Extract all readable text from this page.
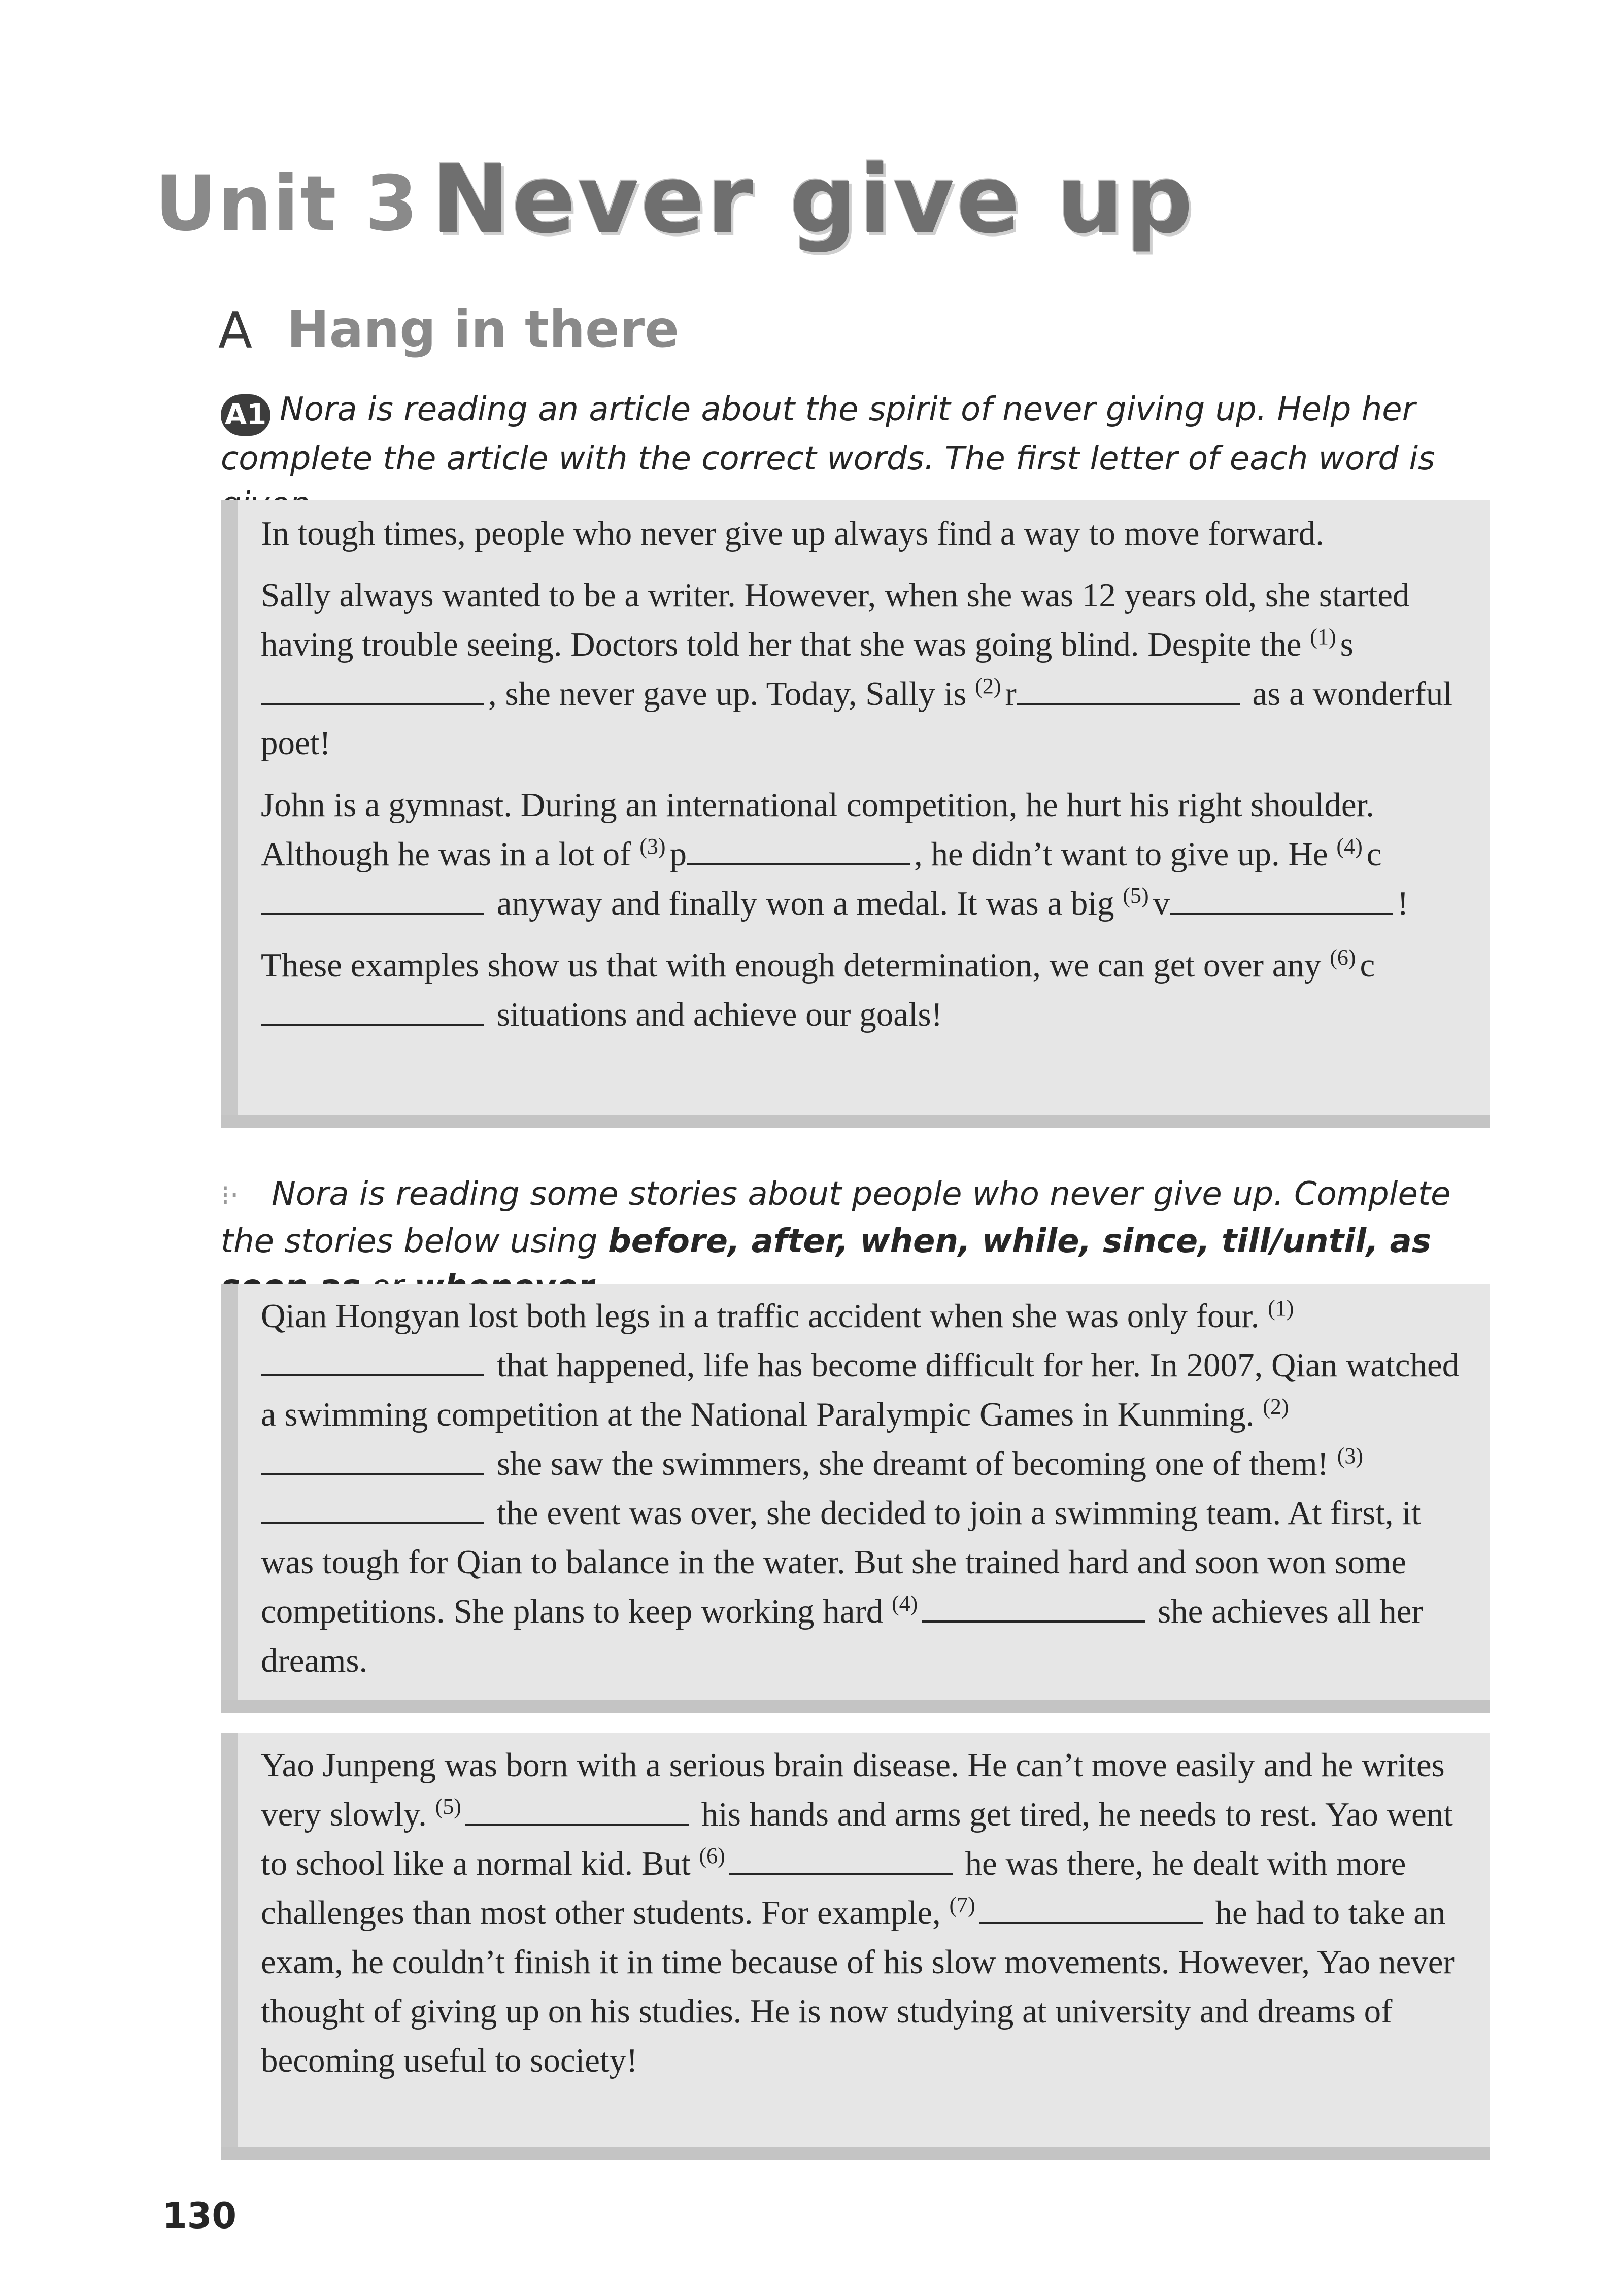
Unit 3 Never give up
A Hang in there
A1 Nora is reading an article about the spirit of never giving up. Help her complete the article with the correct words. The first letter of each word is

In tough times, people who never give up always find a way to move forward.

Sally always wanted to be a writer. However, when she was 12 years old, she started having trouble seeing. Doctors told her that she was going blind. Despite the $^{(1)}$ s, she never gave up. Today, Sally is $^{(2)}$ r	as a wonderful poet!

John is a gymnast. During an international competition, he hurt his right shoulder. Although he was in a lot of $^{(3)}$ p	, he didn’t want to give up. He $^{(4)}$ c anyway and finally won a medal. It was a big $^{(5)}$ v	!

These examples show us that with enough determination, we can get over any $^{(6)}$ c situations and achieve our goals!

⁝· Nora is reading some stories about people who never give up. Complete the stories below using before, after, when, while, since, till/until, as

Qian Hongyan lost both legs in a traffic accident when she was only four. $^{(1)}$ that happened, life has become difficult for her. In 2007, Qian watched a swimming competition at the National Paralympic Games in Kunming. $^{(2)}$ she saw the swimmers, she dreamt of becoming one of them! $^{(3)}$ the event was over, she decided to join a swimming team. At first, it was tough for Qian to balance in the water. But she trained hard and soon won some competitions. She plans to keep working hard $^{(4)}$	she achieves all her dreams.

Yao Junpeng was born with a serious brain disease. He can’t move easily and he writes very slowly. $^{(5)}$	his hands and arms get tired, he needs to rest. Yao went to school like a normal kid. But $^{(6)}$	he was there, he dealt with more challenges than most other students. For example, $^{(7)}$	he had to take an exam, he couldn’t finish it in time because of his slow movements. However, Yao never thought of giving up on his studies. He is now studying at university and dreams of becoming useful to society!

130
